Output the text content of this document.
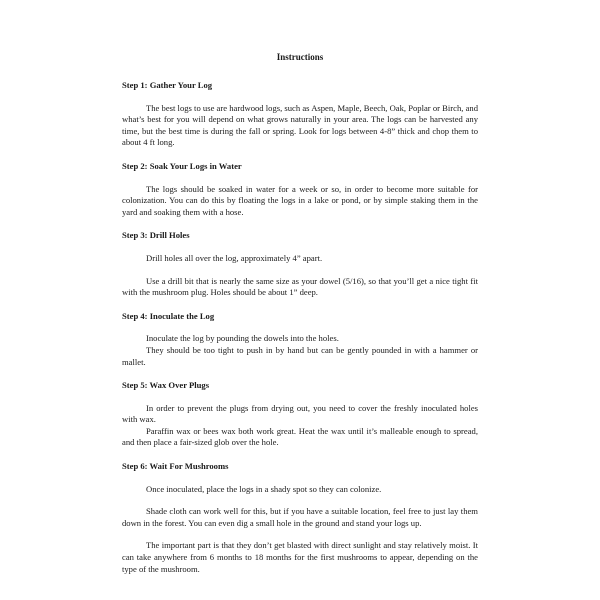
Instructions

Step 1: Gather Your Log

The best logs to use are hardwood logs, such as Aspen, Maple, Beech, Oak, Poplar or Birch, and what’s best for you will depend on what grows naturally in your area. The logs can be harvested any time, but the best time is during the fall or spring. Look for logs between 4-8” thick and chop them to about 4 ft long.

Step 2: Soak Your Logs in Water

The logs should be soaked in water for a week or so, in order to become more suitable for colonization. You can do this by floating the logs in a lake or pond, or by simple staking them in the yard and soaking them with a hose.

Step 3: Drill Holes

Drill holes all over the log, approximately 4” apart.

Use a drill bit that is nearly the same size as your dowel (5/16), so that you’ll get a nice tight fit with the mushroom plug. Holes should be about 1” deep.

Step 4: Inoculate the Log

Inoculate the log by pounding the dowels into the holes.

They should be too tight to push in by hand but can be gently pounded in with a hammer or mallet.

Step 5: Wax Over Plugs

In order to prevent the plugs from drying out, you need to cover the freshly inoculated holes with wax.

Paraffin wax or bees wax both work great. Heat the wax until it’s malleable enough to spread, and then place a fair-sized glob over the hole.

Step 6: Wait For Mushrooms

Once inoculated, place the logs in a shady spot so they can colonize.

Shade cloth can work well for this, but if you have a suitable location, feel free to just lay them down in the forest. You can even dig a small hole in the ground and stand your logs up.

The important part is that they don’t get blasted with direct sunlight and stay relatively moist. It can take anywhere from 6 months to 18 months for the first mushrooms to appear, depending on the type of the mushroom.
